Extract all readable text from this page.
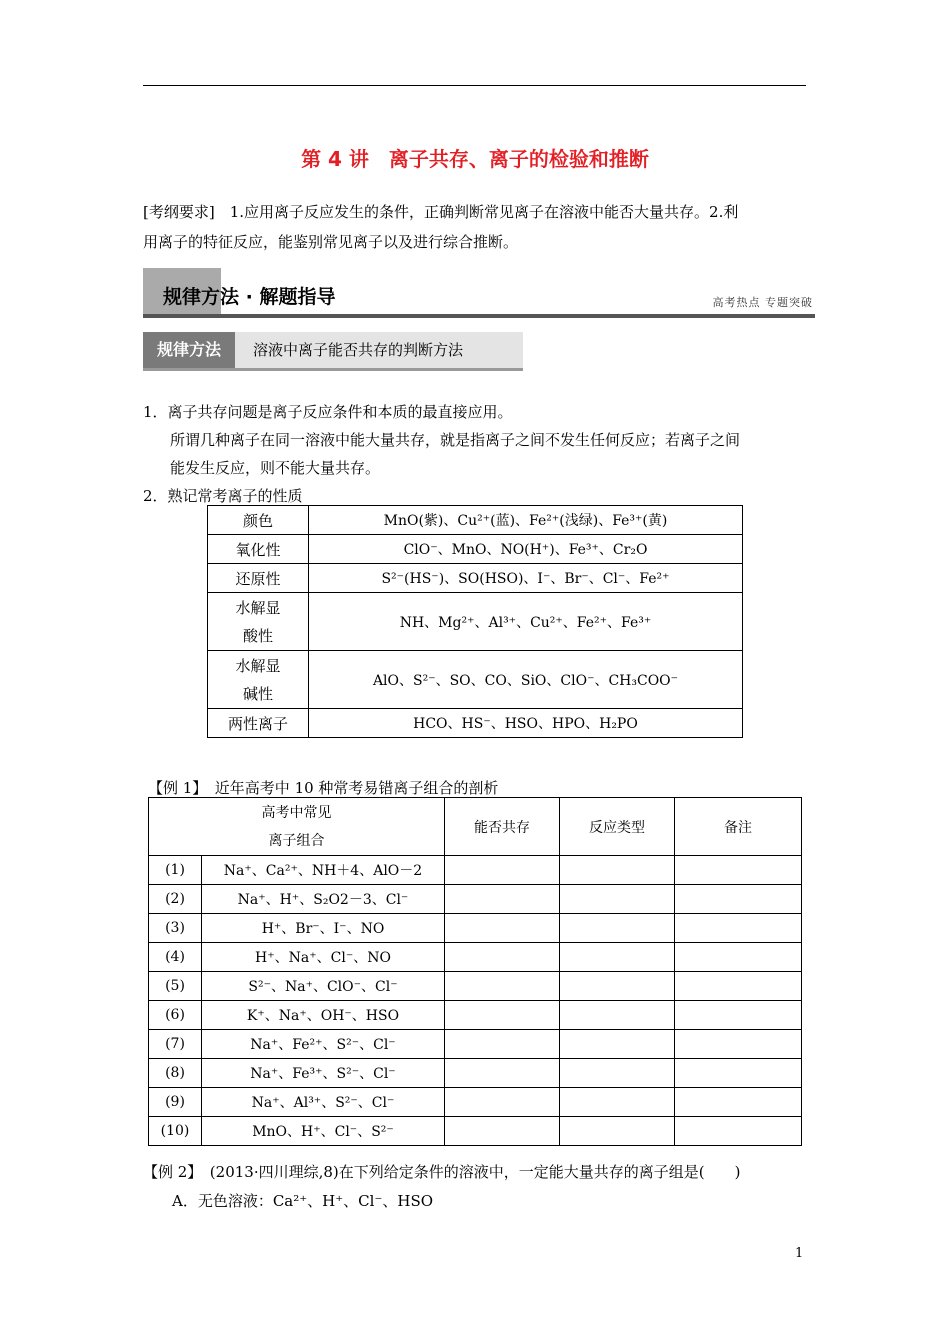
第 4 讲　离子共存、离子的检验和推断
[考纲要求]　1.应用离子反应发生的条件，正确判断常见离子在溶液中能否大量共存。2.利
用离子的特征反应，能鉴别常见离子以及进行综合推断。
规律方法 · 解题指导	高考热点 专题突破
规律方法	溶液中离子能否共存的判断方法
1．离子共存问题是离子反应条件和本质的最直接应用。
所谓几种离子在同一溶液中能大量共存，就是指离子之间不发生任何反应；若离子之间
能发生反应，则不能大量共存。
2．熟记常考离子的性质
颜色	MnO(紫)、Cu²⁺(蓝)、Fe²⁺(浅绿)、Fe³⁺(黄)
氧化性	ClO⁻、MnO、NO(H⁺)、Fe³⁺、Cr₂O
还原性	S²⁻(HS⁻)、SO(HSO)、I⁻、Br⁻、Cl⁻、Fe²⁺
水解显
酸性	NH、Mg²⁺、Al³⁺、Cu²⁺、Fe²⁺、Fe³⁺
水解显
碱性	AlO、S²⁻、SO、CO、SiO、ClO⁻、CH₃COO⁻
两性离子	HCO、HS⁻、HSO、HPO、H₂PO
【例 1】　近年高考中 10 种常考易错离子组合的剖析
高考中常见
离子组合		能否共存	反应类型	备注
(1)	Na⁺、Ca²⁺、NH＋4、AlO－2			
(2)	Na⁺、H⁺、S₂O2－3、Cl⁻			
(3)	H⁺、Br⁻、I⁻、NO			
(4)	H⁺、Na⁺、Cl⁻、NO			
(5)	S²⁻、Na⁺、ClO⁻、Cl⁻			
(6)	K⁺、Na⁺、OH⁻、HSO			
(7)	Na⁺、Fe²⁺、S²⁻、Cl⁻			
(8)	Na⁺、Fe³⁺、S²⁻、Cl⁻			
(9)	Na⁺、Al³⁺、S²⁻、Cl⁻			
(10)	MnO、H⁺、Cl⁻、S²⁻			
【例 2】　(2013·四川理综,8)在下列给定条件的溶液中，一定能大量共存的离子组是(　　)
A．无色溶液：Ca²⁺、H⁺、Cl⁻、HSO
1
